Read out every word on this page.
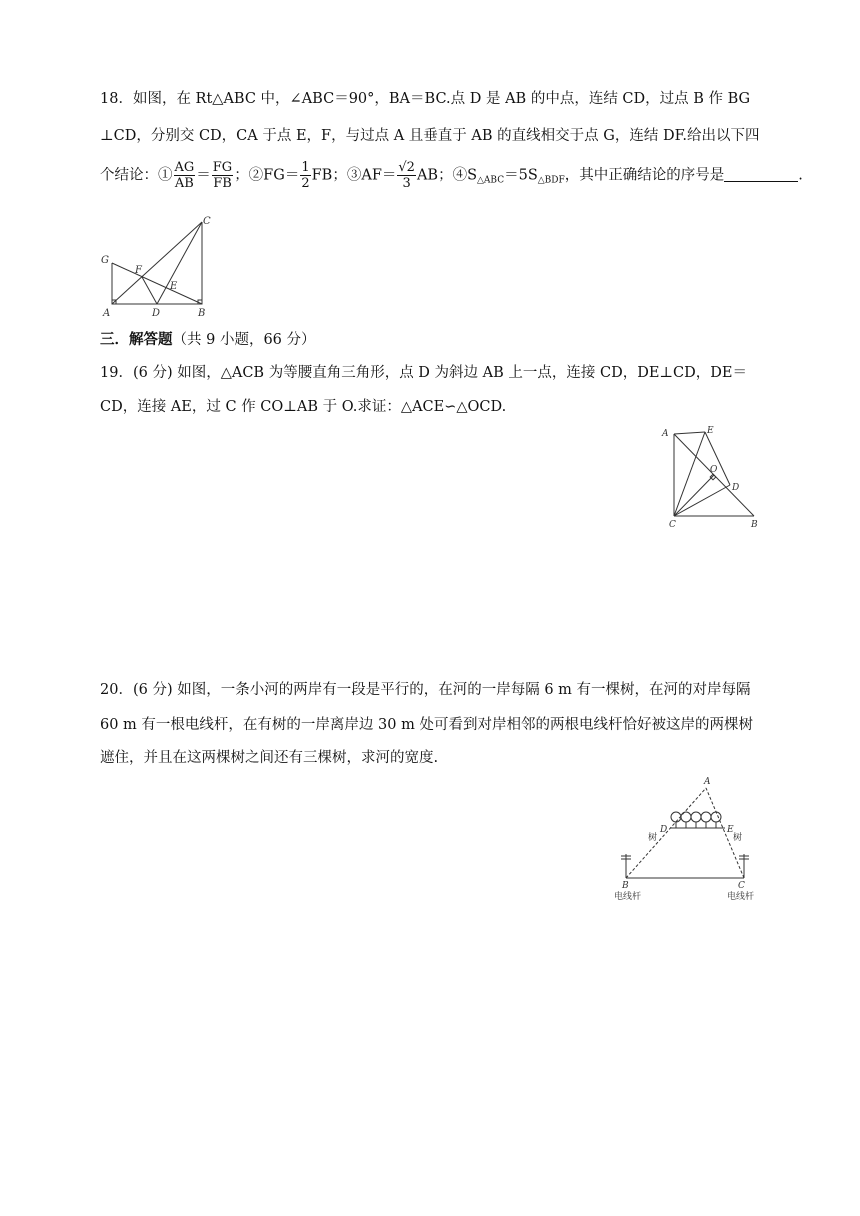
18．如图，在 Rt△ABC 中，∠ABC＝90°，BA＝BC.点 D 是 AB 的中点，连结 CD，过点 B 作 BG
⊥CD，分别交 CD，CA 于点 E，F，与过点 A 且垂直于 AB 的直线相交于点 G，连结 DF.给出以下四
个结论：① $\frac{AG}{AB} = \frac{FG}{FB}$ ；②FG＝ $\frac{1}{2}$ FB；③AF＝ $\frac{√2}{3}$ AB；$④S_{\triangle ABC}=5S_{\triangle BDF}$，其中正确结论的序号是	.
G
F
E
C
A	D	B
三．解答题（共 9 小题，66 分）
19．(6 分) 如图，△ACB 为等腰直角三角形，点 D 为斜边 AB 上一点，连接 CD，DE⊥CD，DE＝
CD，连接 AE，过 C 作 CO⊥AB 于 O.求证：△ACE∽△OCD.
A	E
O
D
C	B
20．(6 分) 如图，一条小河的两岸有一段是平行的，在河的一岸每隔 6 m 有一棵树，在河的对岸每隔
60 m 有一根电线杆，在有树的一岸离岸边 30 m 处可看到对岸相邻的两根电线杆恰好被这岸的两棵树
遮住，并且在这两棵树之间还有三棵树，求河的宽度.
A
D	E
树	树
B	C
电线杆	电线杆
